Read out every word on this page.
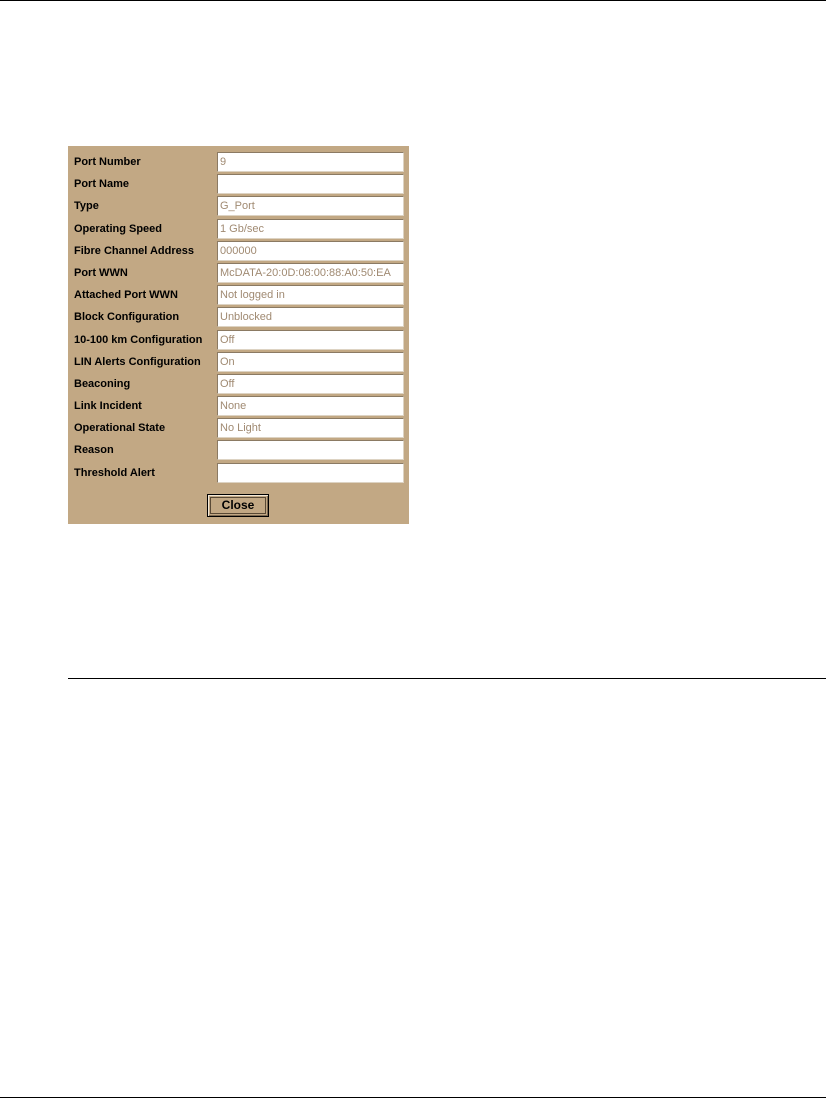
Port Number	9
Port Name
Type	G_Port
Operating Speed	1 Gb/sec
Fibre Channel Address 000000
Port WWN	McDATA-20:0D:08:00:88:A0:50:EA
Attached Port WWN	Not logged in
Block Configuration	Unblocked
10-100 km Configuration Off
LIN Alerts Configuration On
Beaconing	Off
Link Incident	None
Operational State	No Light
Reason
Threshold Alert
Close
